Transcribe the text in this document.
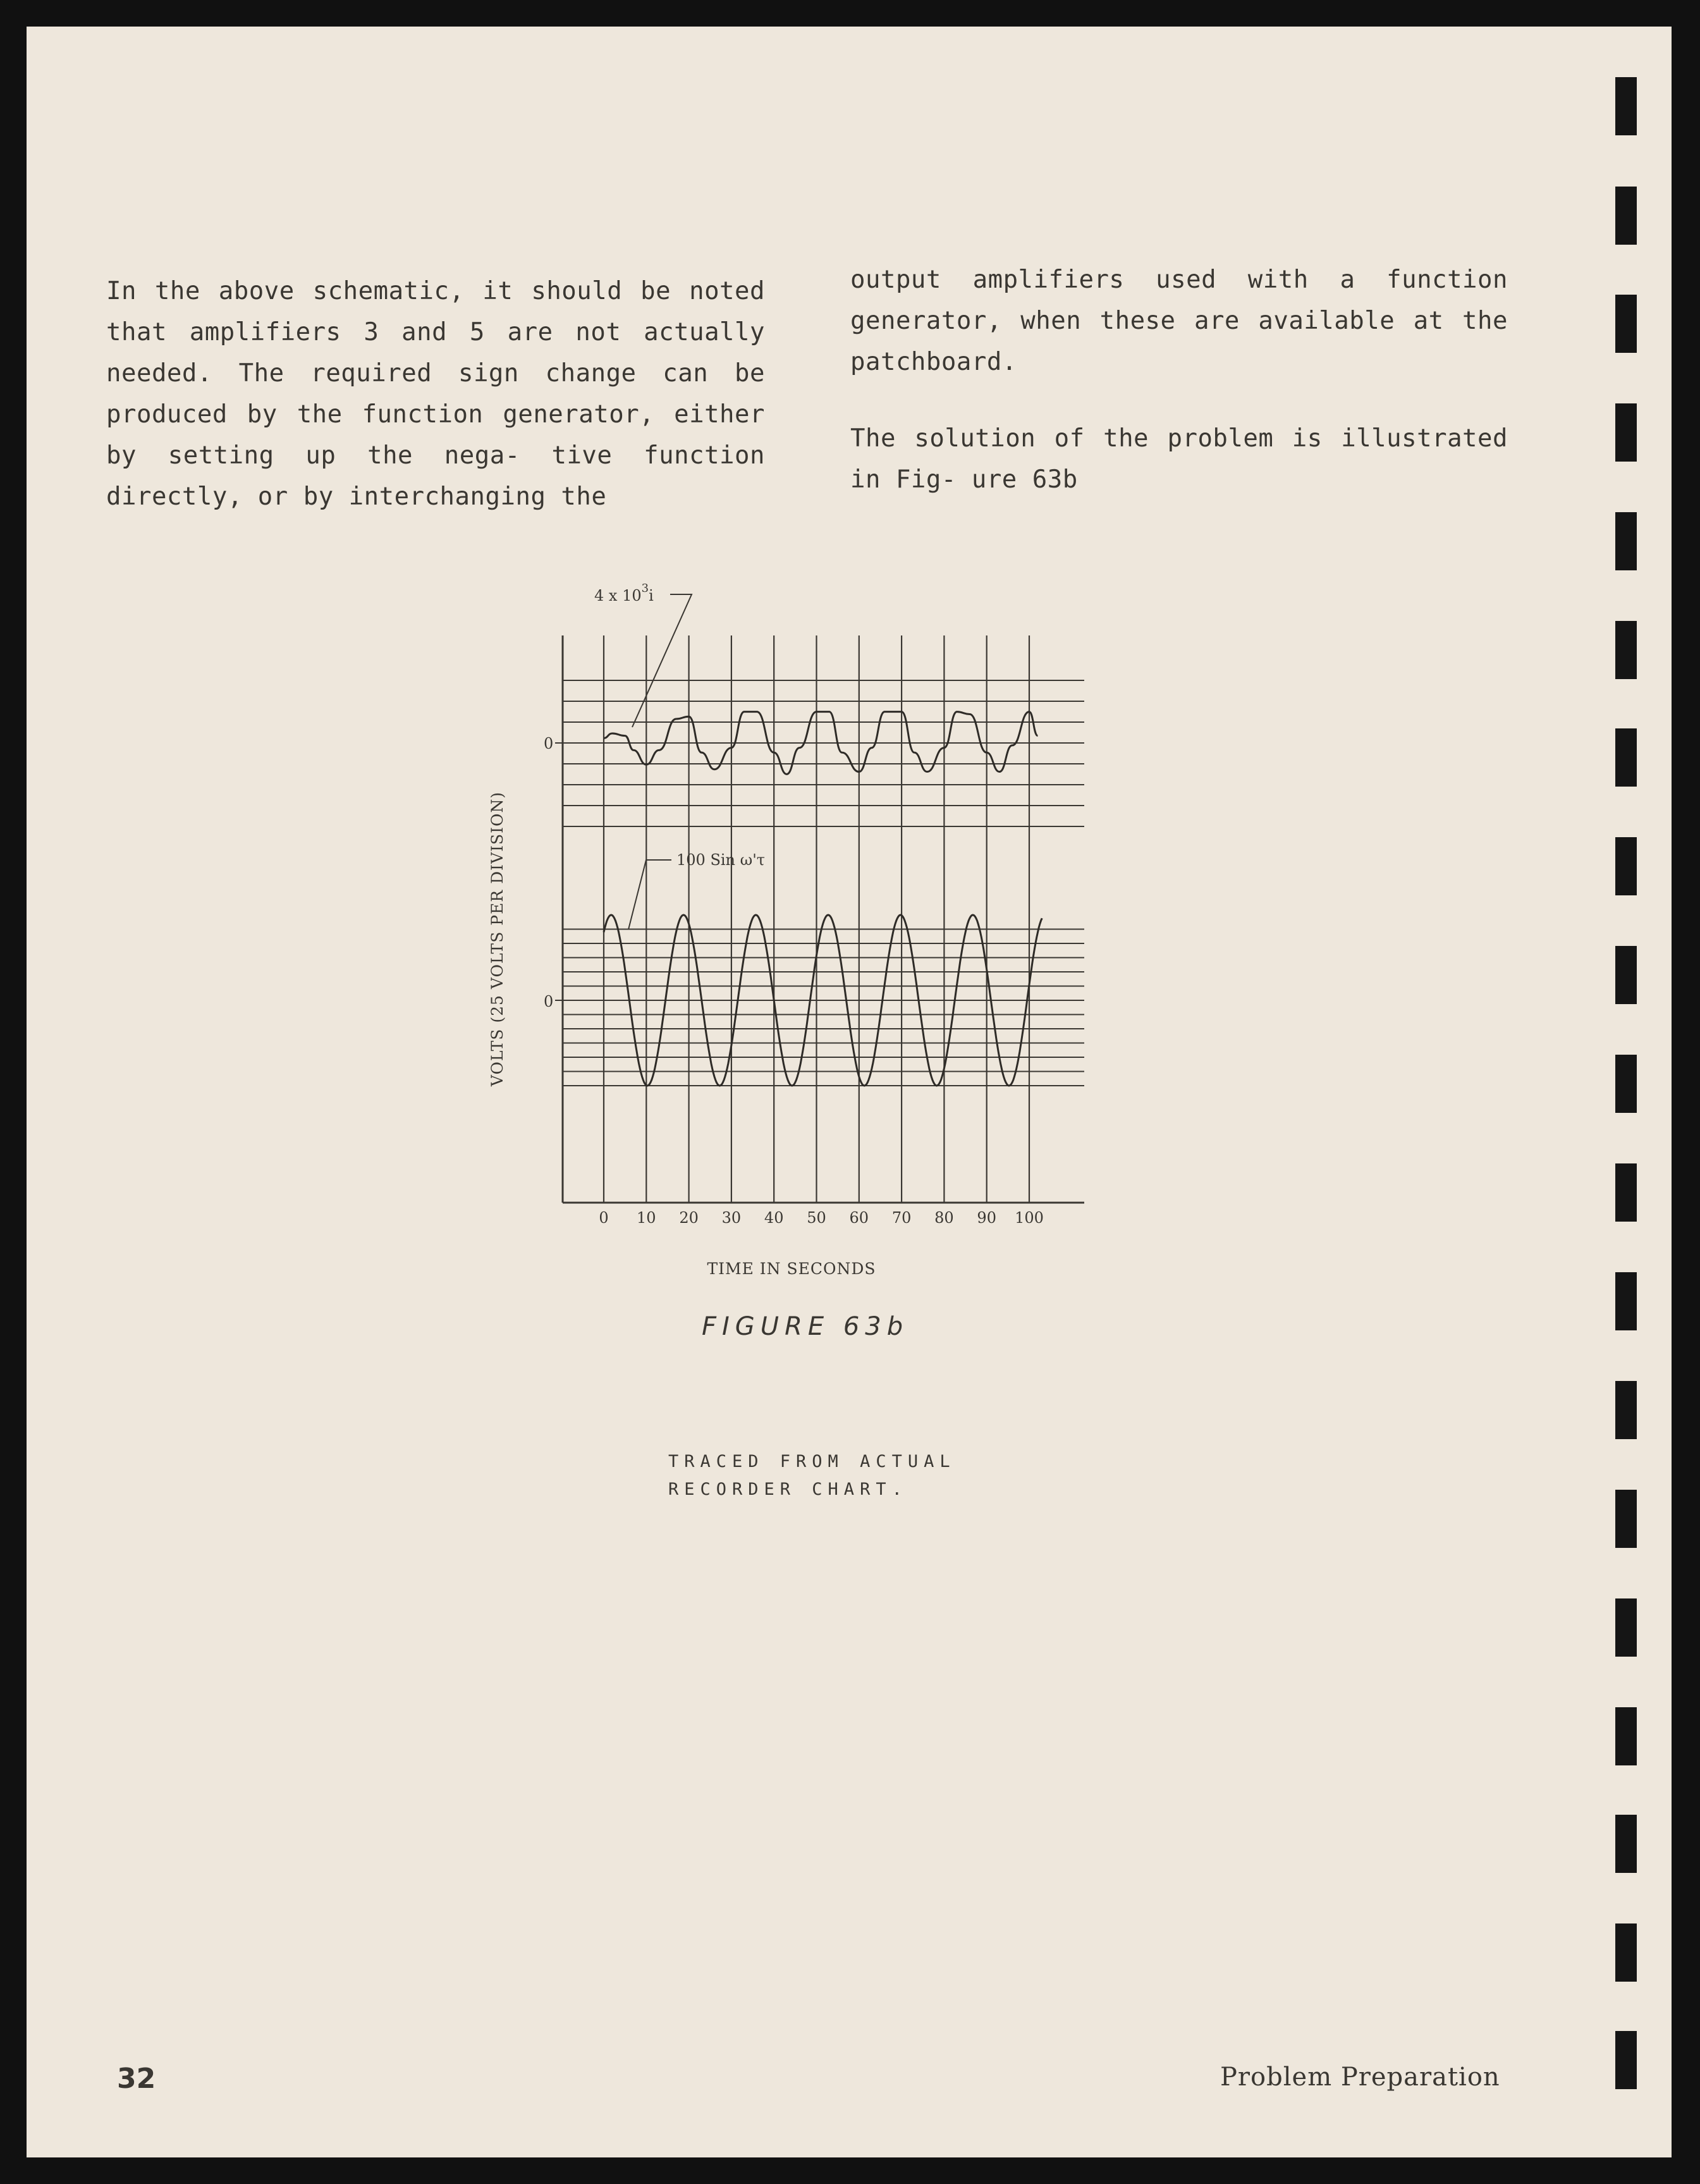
In the above schematic, it should be noted that amplifiers 3 and 5 are not actually needed. The required sign change can be produced by the function generator, either by setting up the nega- tive function directly, or by interchanging the

output amplifiers used with a function generator, when these are available at the patchboard.

The solution of the problem is illustrated in Fig- ure 63b

VOLTS (25 VOLTS PER DIVISION)
TIME IN SECONDS
4 x $10^3i$
100 Sin ω'τ
0
0
0 10 20 30 40 50 60 70 80 90 100
FIGURE 63b
TRACED FROM ACTUAL
RECORDER CHART.
32	Problem Preparation
